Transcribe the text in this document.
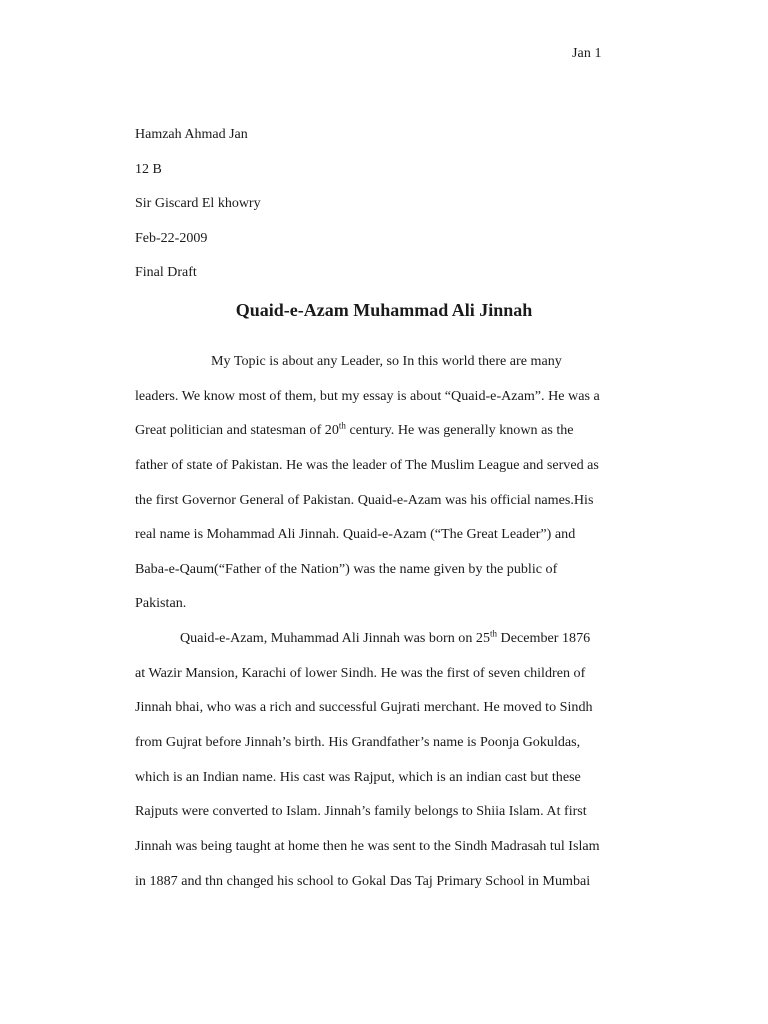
Jan 1
Hamzah Ahmad Jan
12 B
Sir Giscard El khowry
Feb-22-2009
Final Draft
Quaid-e-Azam Muhammad Ali Jinnah
My Topic is about any Leader, so In this world there are many
leaders. We know most of them, but my essay is about “Quaid-e-Azam”. He was a
Great politician and statesman of 20th century. He was generally known as the
father of state of Pakistan. He was the leader of The Muslim League and served as
the first Governor General of Pakistan. Quaid-e-Azam was his official names.His
real name is Mohammad Ali Jinnah. Quaid-e-Azam (“The Great Leader”) and
Baba-e-Qaum(“Father of the Nation”) was the name given by the public of
Pakistan.
Quaid-e-Azam, Muhammad Ali Jinnah was born on 25th December 1876
at Wazir Mansion, Karachi of lower Sindh. He was the first of seven children of
Jinnah bhai, who was a rich and successful Gujrati merchant. He moved to Sindh
from Gujrat before Jinnah’s birth. His Grandfather’s name is Poonja Gokuldas,
which is an Indian name. His cast was Rajput, which is an indian cast but these
Rajputs were converted to Islam. Jinnah’s family belongs to Shiia Islam. At first
Jinnah was being taught at home then he was sent to the Sindh Madrasah tul Islam
in 1887 and thn changed his school to Gokal Das Taj Primary School in Mumbai
